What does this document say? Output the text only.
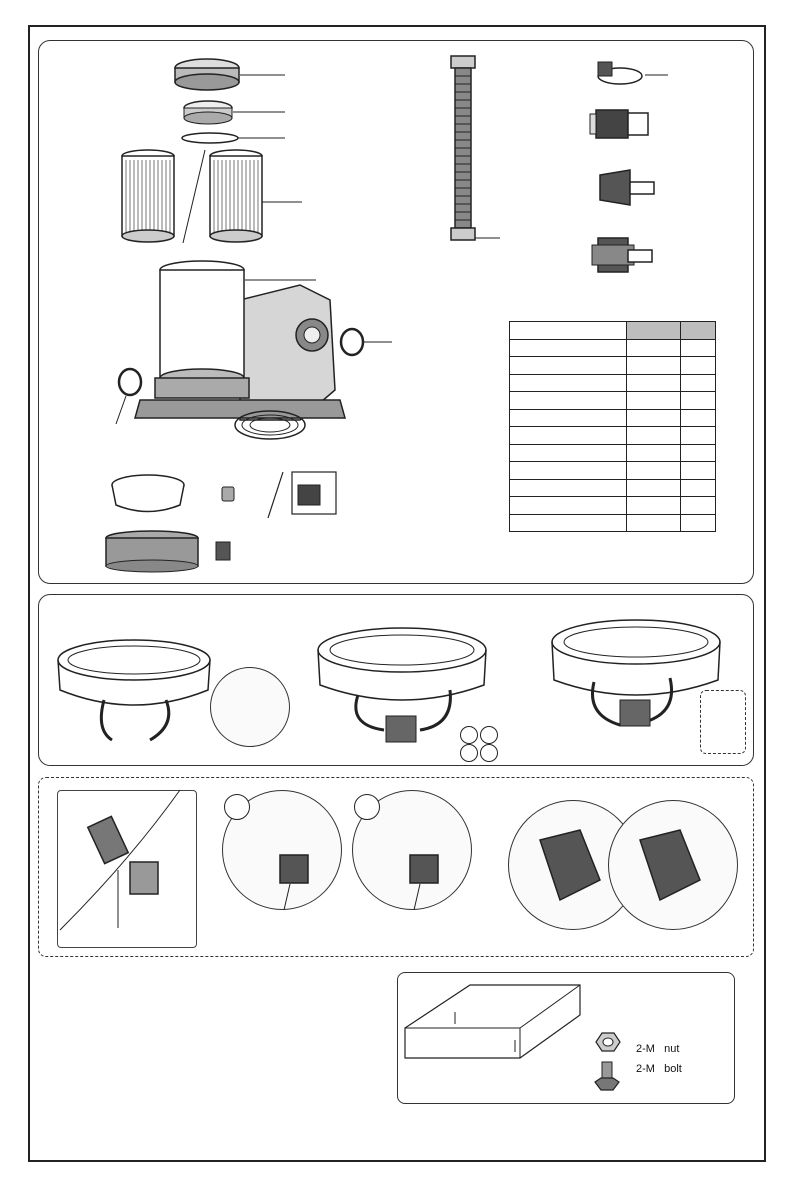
2-M   nut
2-M   bolt
